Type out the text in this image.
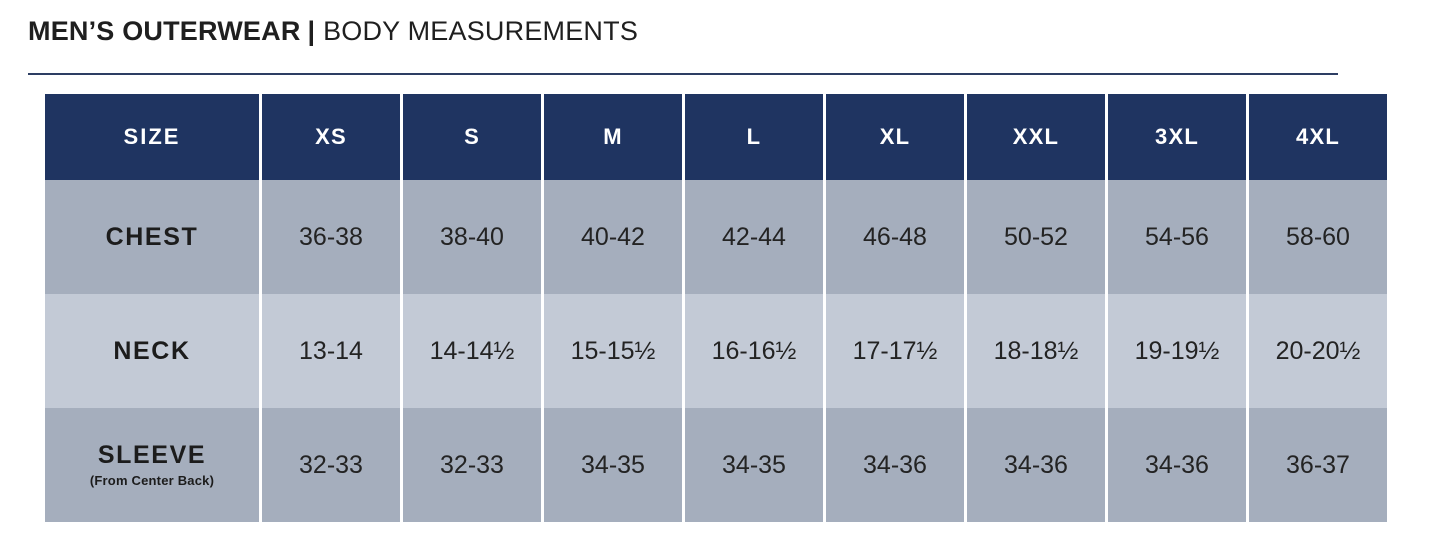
MEN’S OUTERWEAR | BODY MEASUREMENTS
SIZE	XS	S	M	L	XL	XXL	3XL	4XL
CHEST	36-38	38-40	40-42	42-44	46-48	50-52	54-56	58-60
NECK	13-14	14-14½	15-15½	16-16½	17-17½	18-18½	19-19½	20-20½
SLEEVE
(From Center Back)	32-33	32-33	34-35	34-35	34-36	34-36	34-36	36-37
